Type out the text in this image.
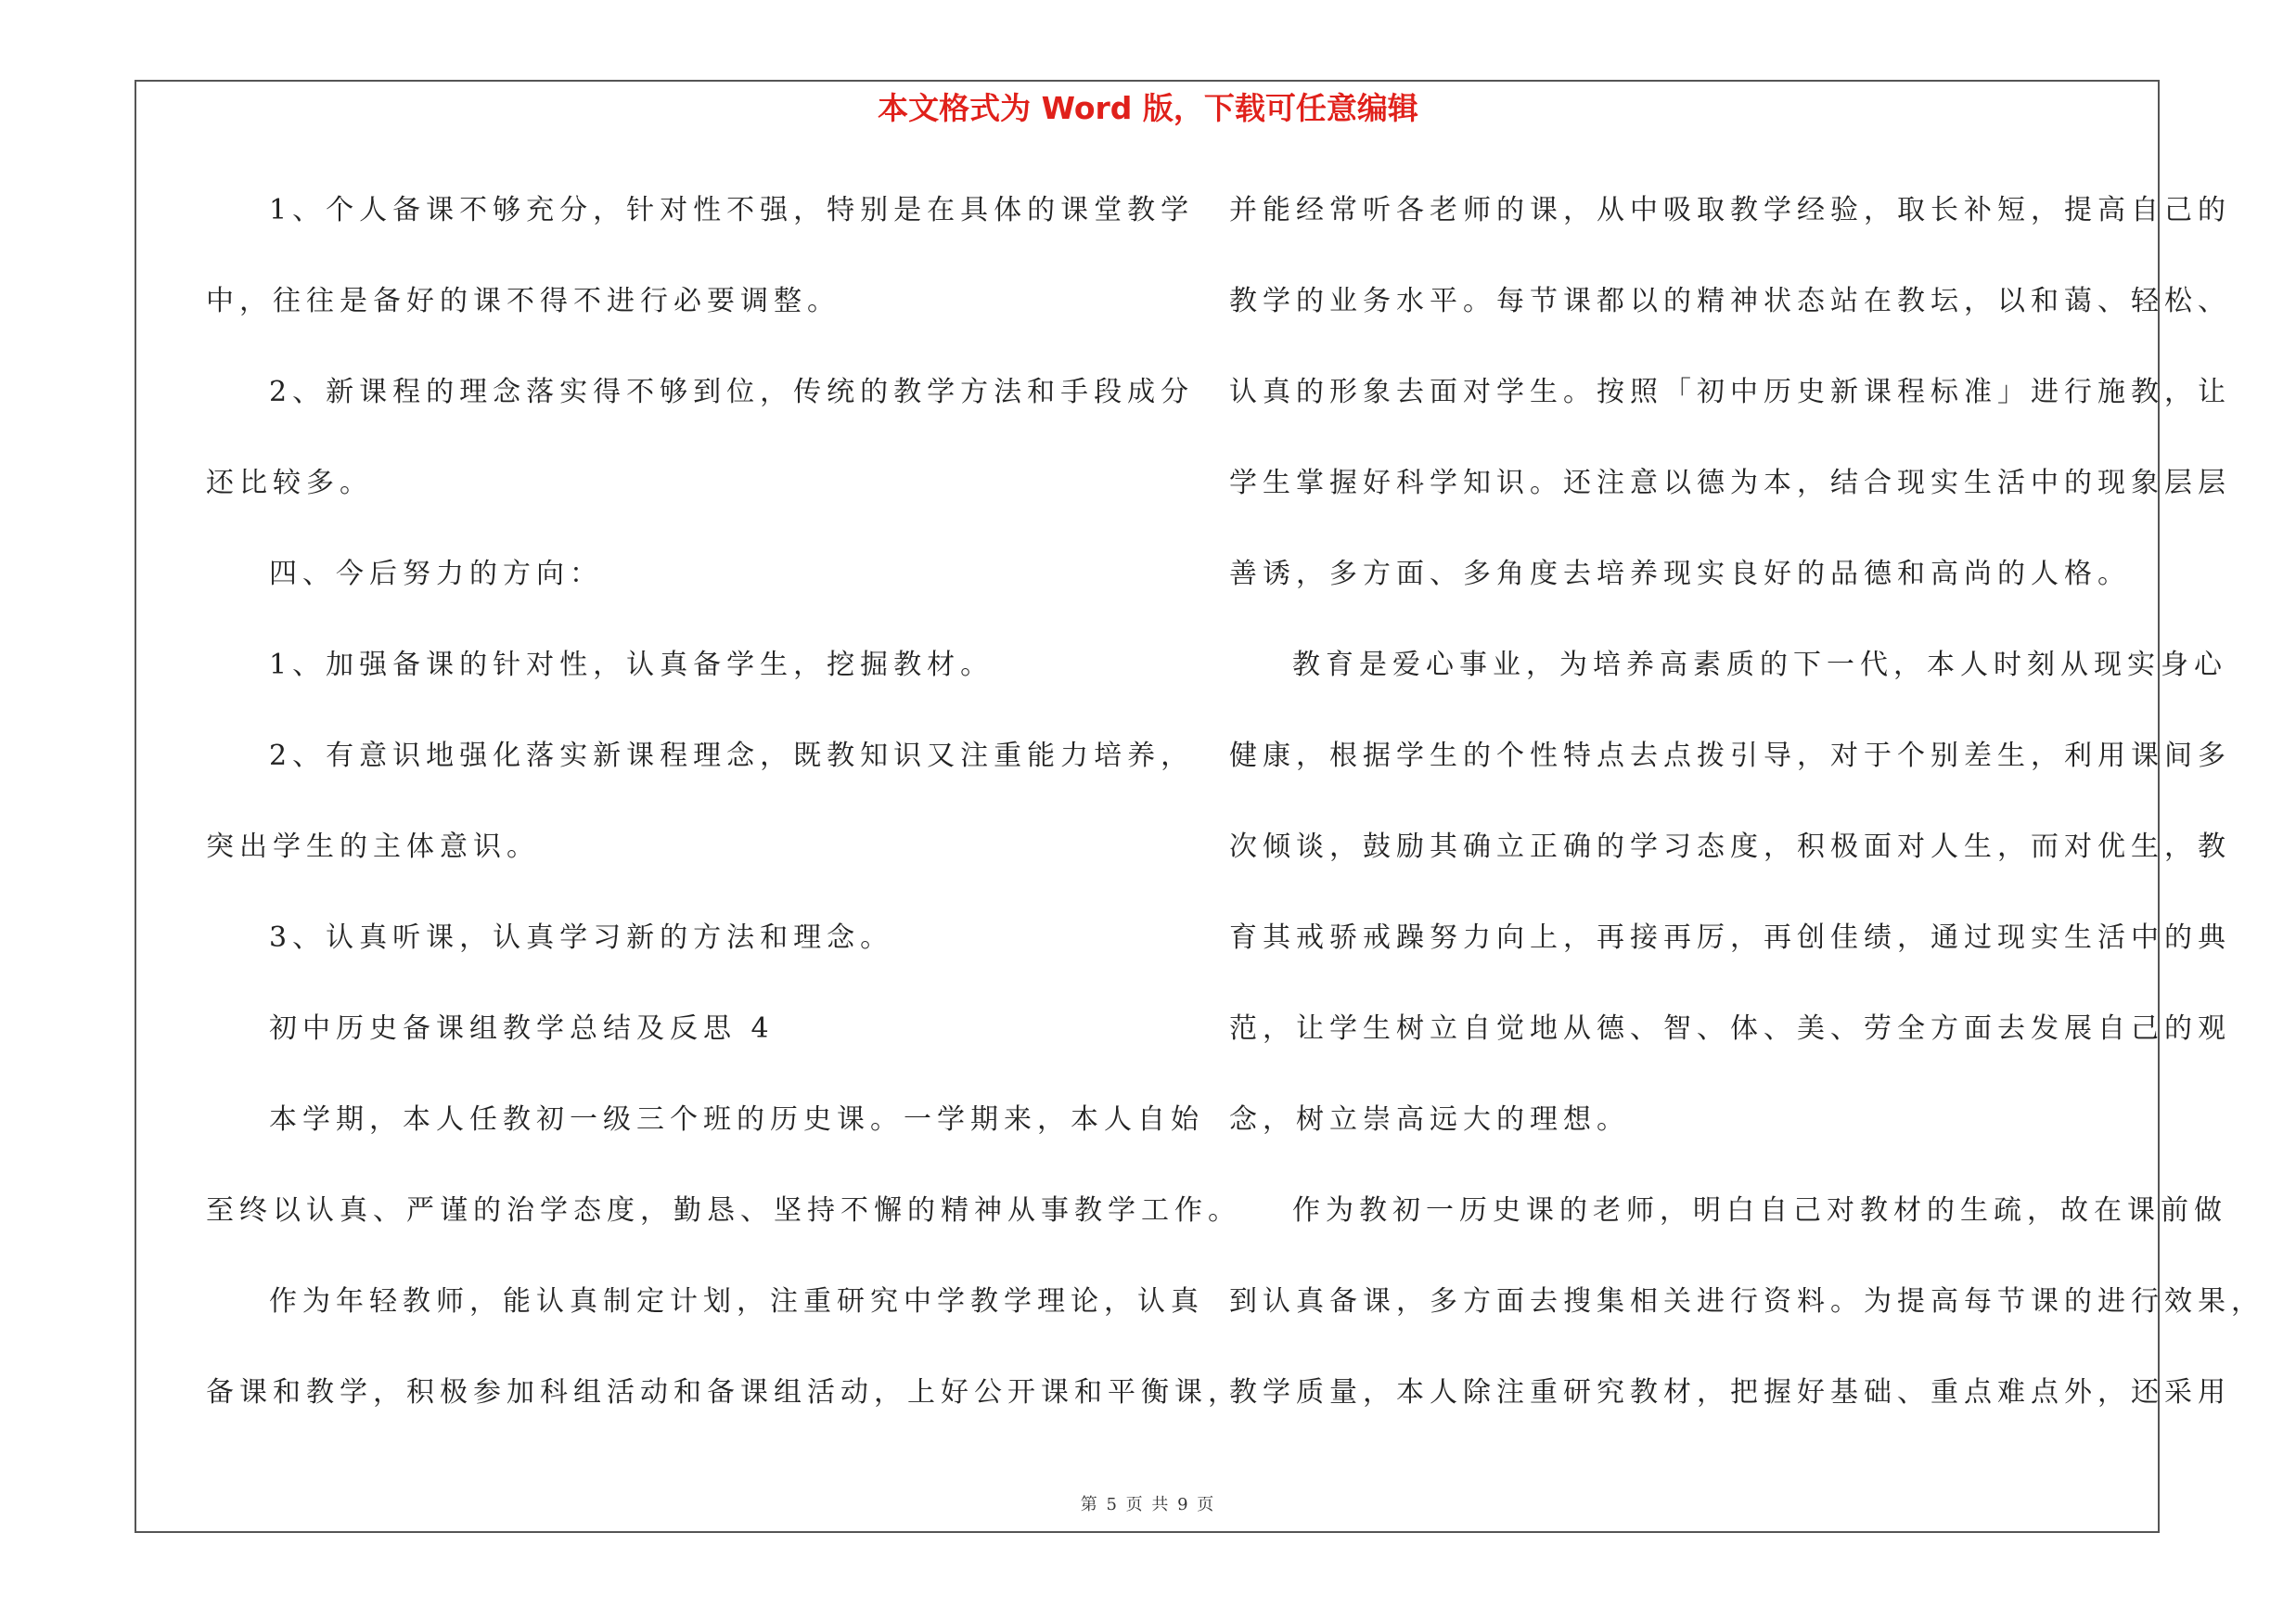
本文格式为 Word 版，下载可任意编辑
1、个人备课不够充分，针对性不强，特别是在具体的课堂教学
中，往往是备好的课不得不进行必要调整。
2、新课程的理念落实得不够到位，传统的教学方法和手段成分
还比较多。
四、今后努力的方向：
1、加强备课的针对性，认真备学生，挖掘教材。
2、有意识地强化落实新课程理念，既教知识又注重能力培养，
突出学生的主体意识。
3、认真听课，认真学习新的方法和理念。
初中历史备课组教学总结及反思 4
本学期，本人任教初一级三个班的历史课。一学期来，本人自始
至终以认真、严谨的治学态度，勤恳、坚持不懈的精神从事教学工作。
作为年轻教师，能认真制定计划，注重研究中学教学理论，认真
备课和教学，积极参加科组活动和备课组活动，上好公开课和平衡课，
并能经常听各老师的课，从中吸取教学经验，取长补短，提高自己的
教学的业务水平。每节课都以的精神状态站在教坛，以和蔼、轻松、
认真的形象去面对学生。按照「初中历史新课程标准」进行施教，让
学生掌握好科学知识。还注意以德为本，结合现实生活中的现象层层
善诱，多方面、多角度去培养现实良好的品德和高尚的人格。
教育是爱心事业，为培养高素质的下一代，本人时刻从现实身心
健康，根据学生的个性特点去点拨引导，对于个别差生，利用课间多
次倾谈，鼓励其确立正确的学习态度，积极面对人生，而对优生，教
育其戒骄戒躁努力向上，再接再厉，再创佳绩，通过现实生活中的典
范，让学生树立自觉地从德、智、体、美、劳全方面去发展自己的观
念，树立崇高远大的理想。
作为教初一历史课的老师，明白自己对教材的生疏，故在课前做
到认真备课，多方面去搜集相关进行资料。为提高每节课的进行效果，
教学质量，本人除注重研究教材，把握好基础、重点难点外，还采用
第 5 页 共 9 页
